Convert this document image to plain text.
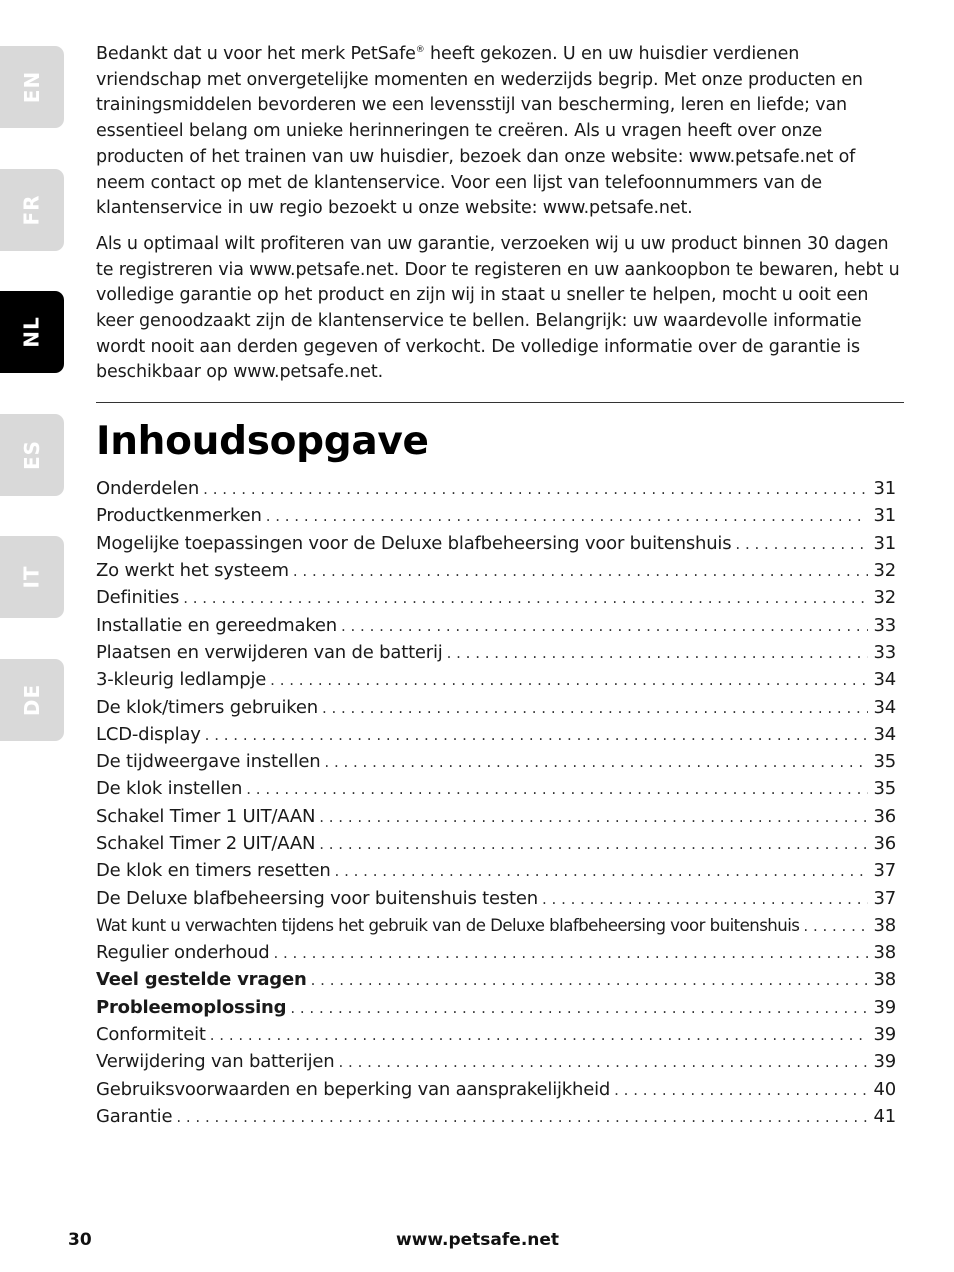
EN
FR
NL
ES
IT
DE

Bedankt dat u voor het merk PetSafe® heeft gekozen. U en uw huisdier verdienen vriendschap met onvergetelijke momenten en wederzijds begrip. Met onze producten en trainingsmiddelen bevorderen we een levensstijl van bescherming, leren en liefde; van essentieel belang om unieke herinneringen te creëren. Als u vragen heeft over onze producten of het trainen van uw huisdier, bezoek dan onze website: www.petsafe.net of neem contact op met de klantenservice. Voor een lijst van telefoonnummers van de klantenservice in uw regio bezoekt u onze website: www.petsafe.net.

Als u optimaal wilt profiteren van uw garantie, verzoeken wij u uw product binnen 30 dagen te registreren via www.petsafe.net. Door te registeren en uw aankoopbon te bewaren, hebt u volledige garantie op het product en zijn wij in staat u sneller te helpen, mocht u ooit een keer genoodzaakt zijn de klantenservice te bellen. Belangrijk: uw waardevolle informatie wordt nooit aan derden gegeven of verkocht. De volledige informatie over de garantie is beschikbaar op www.petsafe.net.

Inhoudsopgave
Onderdelen . . .	31
Productkenmerken . . .	31
Mogelijke toepassingen voor de Deluxe blafbeheersing voor buitenshuis . . .	31
Zo werkt het systeem . . .	32
Definities . . .	32
Installatie en gereedmaken . . .	33
Plaatsen en verwijderen van de batterij . . .	33
3-kleurig ledlampje . . .	34
De klok/timers gebruiken . . .	34
LCD-display . . .	34
De tijdweergave instellen . . .	35
De klok instellen . . .	35
Schakel Timer 1 UIT/AAN . . .	36
Schakel Timer 2 UIT/AAN . . .	36
De klok en timers resetten . . .	37
De Deluxe blafbeheersing voor buitenshuis testen . . .	37
Wat kunt u verwachten tijdens het gebruik van de Deluxe blafbeheersing voor buitenshuis . . .	38
Regulier onderhoud . . .	38
Veel gestelde vragen . . .	38
Probleemoplossing . . .	39
Conformiteit . . .	39
Verwijdering van batterijen . . .	39
Gebruiksvoorwaarden en beperking van aansprakelijkheid . . .	40
Garantie . . .	41
30	www.petsafe.net
